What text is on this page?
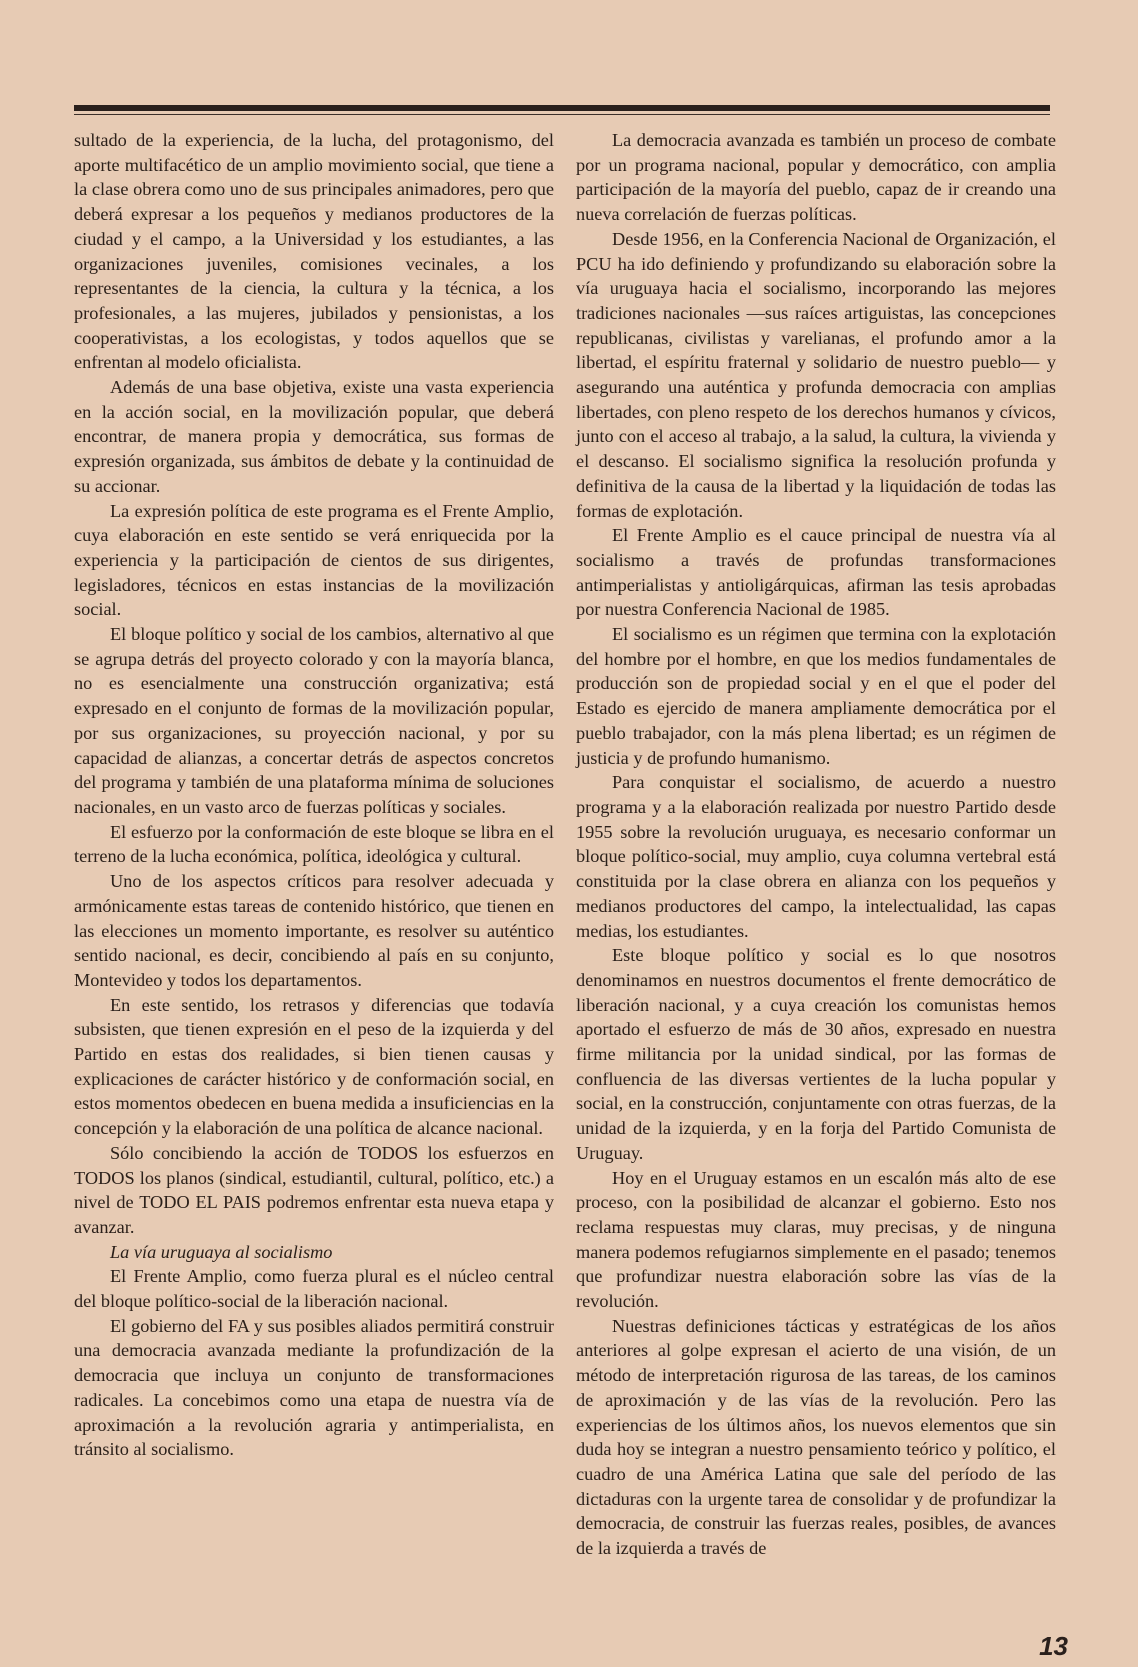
sultado de la experiencia, de la lucha, del protagonismo, del aporte multifacético de un amplio movimiento social, que tiene a la clase obrera como uno de sus principales animadores, pero que deberá expresar a los pequeños y medianos productores de la ciudad y el campo, a la Universidad y los estudiantes, a las organizaciones juveniles, comisiones vecinales, a los representantes de la ciencia, la cultura y la técnica, a los profesionales, a las mujeres, jubilados y pensionistas, a los cooperativistas, a los ecologistas, y todos aquellos que se enfrentan al modelo oficialista.

Además de una base objetiva, existe una vasta experiencia en la acción social, en la movilización popular, que deberá encontrar, de manera propia y democrática, sus formas de expresión organizada, sus ámbitos de debate y la continuidad de su accionar.

La expresión política de este programa es el Frente Amplio, cuya elaboración en este sentido se verá enriquecida por la experiencia y la participación de cientos de sus dirigentes, legisladores, técnicos en estas instancias de la movilización social.

El bloque político y social de los cambios, alternativo al que se agrupa detrás del proyecto colorado y con la mayoría blanca, no es esencialmente una construcción organizativa; está expresado en el conjunto de formas de la movilización popular, por sus organizaciones, su proyección nacional, y por su capacidad de alianzas, a concertar detrás de aspectos concretos del programa y también de una plataforma mínima de soluciones nacionales, en un vasto arco de fuerzas políticas y sociales.

El esfuerzo por la conformación de este bloque se libra en el terreno de la lucha económica, política, ideológica y cultural.

Uno de los aspectos críticos para resolver adecuada y armónicamente estas tareas de contenido histórico, que tienen en las elecciones un momento importante, es resolver su auténtico sentido nacional, es decir, concibiendo al país en su conjunto, Montevideo y todos los departamentos.

En este sentido, los retrasos y diferencias que todavía subsisten, que tienen expresión en el peso de la izquierda y del Partido en estas dos realidades, si bien tienen causas y explicaciones de carácter histórico y de conformación social, en estos momentos obedecen en buena medida a insuficiencias en la concepción y la elaboración de una política de alcance nacional.

Sólo concibiendo la acción de TODOS los esfuerzos en TODOS los planos (sindical, estudiantil, cultural, político, etc.) a nivel de TODO EL PAIS podremos enfrentar esta nueva etapa y avanzar.

La vía uruguaya al socialismo

El Frente Amplio, como fuerza plural es el núcleo central del bloque político-social de la liberación nacional.

El gobierno del FA y sus posibles aliados permitirá construir una democracia avanzada mediante la profundización de la democracia que incluya un conjunto de transformaciones radicales. La concebimos como una etapa de nuestra vía de aproximación a la revolución agraria y antimperialista, en tránsito al socialismo.

La democracia avanzada es también un proceso de combate por un programa nacional, popular y democrático, con amplia participación de la mayoría del pueblo, capaz de ir creando una nueva correlación de fuerzas políticas.

Desde 1956, en la Conferencia Nacional de Organización, el PCU ha ido definiendo y profundizando su elaboración sobre la vía uruguaya hacia el socialismo, incorporando las mejores tradiciones nacionales —sus raíces artiguistas, las concepciones republicanas, civilistas y varelianas, el profundo amor a la libertad, el espíritu fraternal y solidario de nuestro pueblo— y asegurando una auténtica y profunda democracia con amplias libertades, con pleno respeto de los derechos humanos y cívicos, junto con el acceso al trabajo, a la salud, la cultura, la vivienda y el descanso. El socialismo significa la resolución profunda y definitiva de la causa de la libertad y la liquidación de todas las formas de explotación.

El Frente Amplio es el cauce principal de nuestra vía al socialismo a través de profundas transformaciones antimperialistas y antioligárquicas, afirman las tesis aprobadas por nuestra Conferencia Nacional de 1985.

El socialismo es un régimen que termina con la explotación del hombre por el hombre, en que los medios fundamentales de producción son de propiedad social y en el que el poder del Estado es ejercido de manera ampliamente democrática por el pueblo trabajador, con la más plena libertad; es un régimen de justicia y de profundo humanismo.

Para conquistar el socialismo, de acuerdo a nuestro programa y a la elaboración realizada por nuestro Partido desde 1955 sobre la revolución uruguaya, es necesario conformar un bloque político-social, muy amplio, cuya columna vertebral está constituida por la clase obrera en alianza con los pequeños y medianos productores del campo, la intelectualidad, las capas medias, los estudiantes.

Este bloque político y social es lo que nosotros denominamos en nuestros documentos el frente democrático de liberación nacional, y a cuya creación los comunistas hemos aportado el esfuerzo de más de 30 años, expresado en nuestra firme militancia por la unidad sindical, por las formas de confluencia de las diversas vertientes de la lucha popular y social, en la construcción, conjuntamente con otras fuerzas, de la unidad de la izquierda, y en la forja del Partido Comunista de Uruguay.

Hoy en el Uruguay estamos en un escalón más alto de ese proceso, con la posibilidad de alcanzar el gobierno. Esto nos reclama respuestas muy claras, muy precisas, y de ninguna manera podemos refugiarnos simplemente en el pasado; tenemos que profundizar nuestra elaboración sobre las vías de la revolución.

Nuestras definiciones tácticas y estratégicas de los años anteriores al golpe expresan el acierto de una visión, de un método de interpretación rigurosa de las tareas, de los caminos de aproximación y de las vías de la revolución. Pero las experiencias de los últimos años, los nuevos elementos que sin duda hoy se integran a nuestro pensamiento teórico y político, el cuadro de una América Latina que sale del período de las dictaduras con la urgente tarea de consolidar y de profundizar la democracia, de construir las fuerzas reales, posibles, de avances de la izquierda a través de

13
